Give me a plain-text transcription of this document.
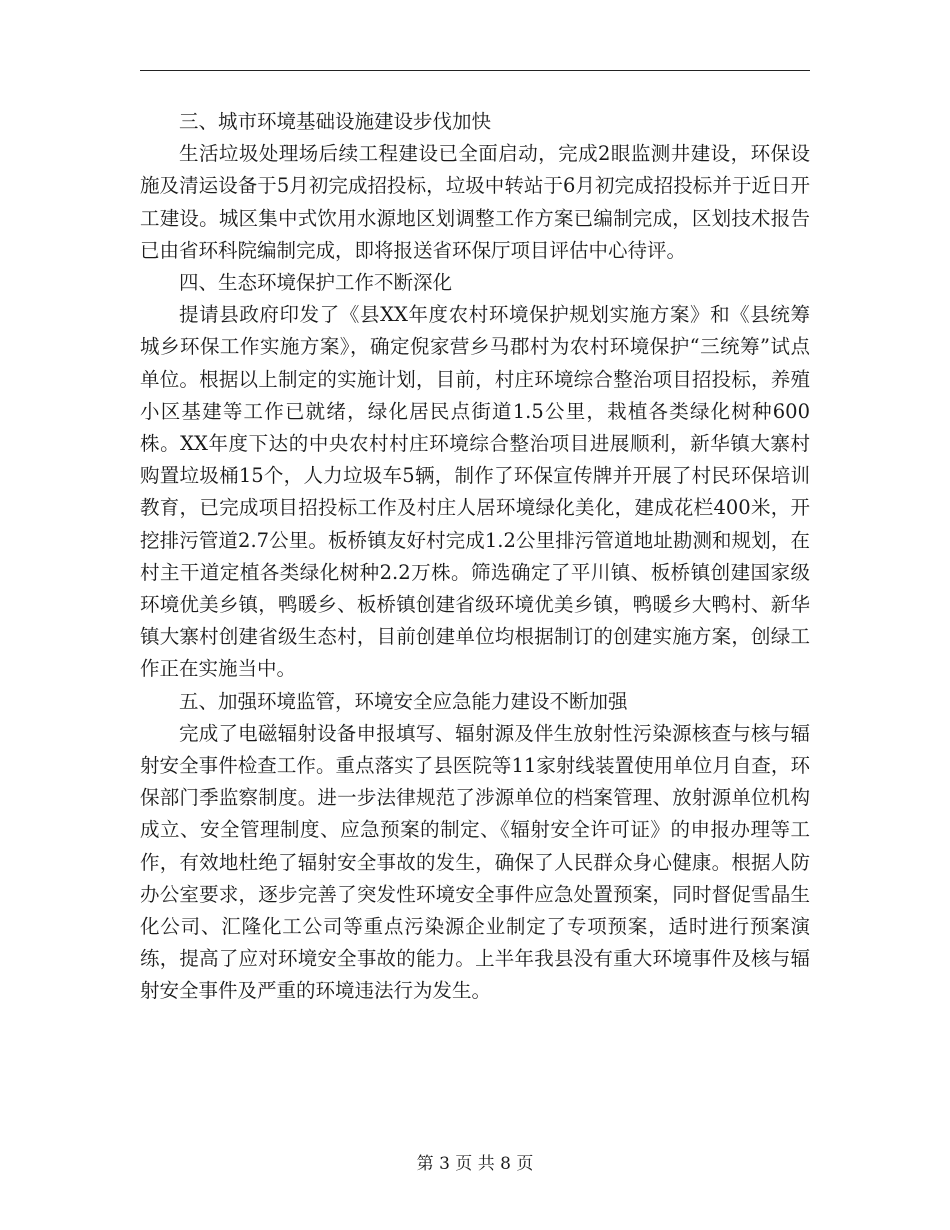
三、城市环境基础设施建设步伐加快

生活垃圾处理场后续工程建设已全面启动，完成2眼监测井建设，环保设施及清运设备于5月初完成招投标，垃圾中转站于6月初完成招投标并于近日开工建设。城区集中式饮用水源地区划调整工作方案已编制完成，区划技术报告已由省环科院编制完成，即将报送省环保厅项目评估中心待评。

四、生态环境保护工作不断深化

提请县政府印发了《县XX年度农村环境保护规划实施方案》和《县统筹城乡环保工作实施方案》，确定倪家营乡马郡村为农村环境保护“三统筹”试点单位。根据以上制定的实施计划，目前，村庄环境综合整治项目招投标，养殖小区基建等工作已就绪，绿化居民点街道1.5公里，栽植各类绿化树种600株。XX年度下达的中央农村村庄环境综合整治项目进展顺利，新华镇大寨村购置垃圾桶15个，人力垃圾车5辆，制作了环保宣传牌并开展了村民环保培训教育，已完成项目招投标工作及村庄人居环境绿化美化，建成花栏400米，开挖排污管道2.7公里。板桥镇友好村完成1.2公里排污管道地址勘测和规划，在村主干道定植各类绿化树种2.2万株。筛选确定了平川镇、板桥镇创建国家级环境优美乡镇，鸭暖乡、板桥镇创建省级环境优美乡镇，鸭暖乡大鸭村、新华镇大寨村创建省级生态村，目前创建单位均根据制订的创建实施方案，创绿工作正在实施当中。

五、加强环境监管，环境安全应急能力建设不断加强

完成了电磁辐射设备申报填写、辐射源及伴生放射性污染源核查与核与辐射安全事件检查工作。重点落实了县医院等11家射线装置使用单位月自查，环保部门季监察制度。进一步法律规范了涉源单位的档案管理、放射源单位机构成立、安全管理制度、应急预案的制定、《辐射安全许可证》的申报办理等工作，有效地杜绝了辐射安全事故的发生，确保了人民群众身心健康。根据人防办公室要求，逐步完善了突发性环境安全事件应急处置预案，同时督促雪晶生化公司、汇隆化工公司等重点污染源企业制定了专项预案，适时进行预案演练，提高了应对环境安全事故的能力。上半年我县没有重大环境事件及核与辐射安全事件及严重的环境违法行为发生。

第 3 页 共 8 页
